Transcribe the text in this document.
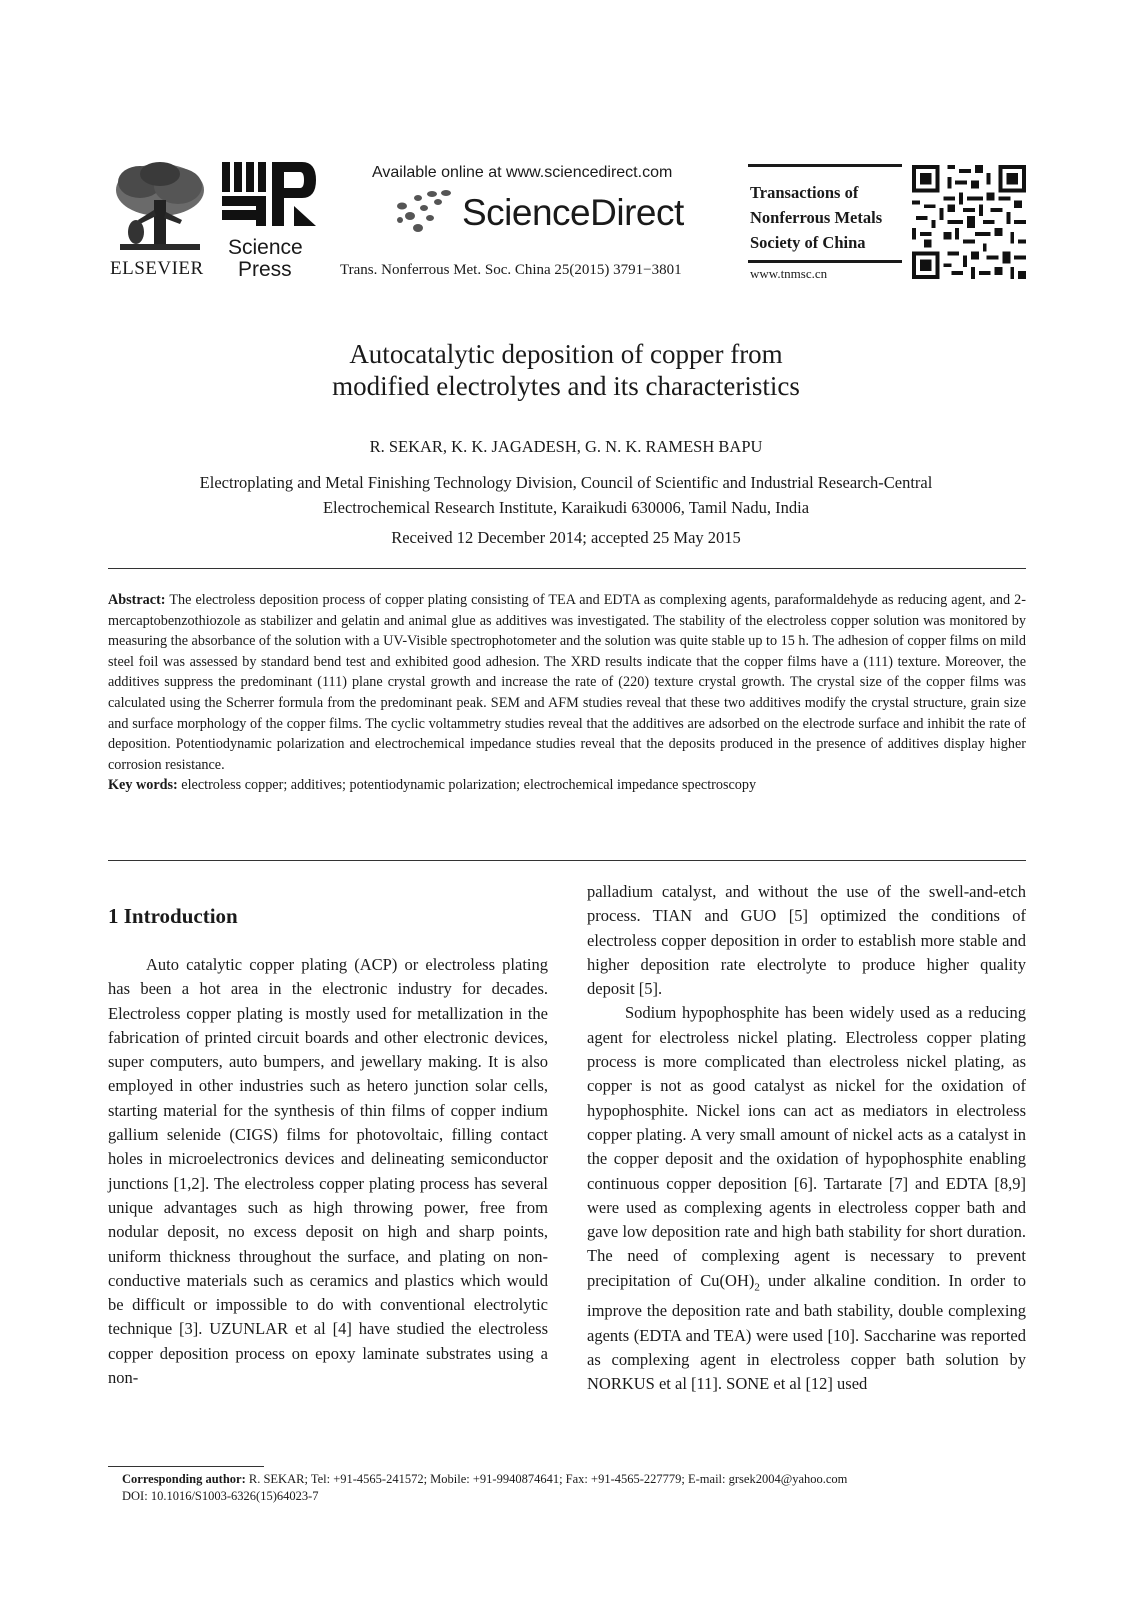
ELSEVIER
Science
Press
Available online at www.sciencedirect.com
ScienceDirect
Trans. Nonferrous Met. Soc. China 25(2015) 3791−3801
Transactions of
Nonferrous Metals
Society of China
www.tnmsc.cn
Autocatalytic deposition of copper from
modified electrolytes and its characteristics
R. SEKAR, K. K. JAGADESH, G. N. K. RAMESH BAPU
Electroplating and Metal Finishing Technology Division, Council of Scientific and Industrial Research-Central
Electrochemical Research Institute, Karaikudi 630006, Tamil Nadu, India
Received 12 December 2014; accepted 25 May 2015

Abstract: The electroless deposition process of copper plating consisting of TEA and EDTA as complexing agents, paraformaldehyde as reducing agent, and 2-mercaptobenzothiozole as stabilizer and gelatin and animal glue as additives was investigated. The stability of the electroless copper solution was monitored by measuring the absorbance of the solution with a UV-Visible spectrophotometer and the solution was quite stable up to 15 h. The adhesion of copper films on mild steel foil was assessed by standard bend test and exhibited good adhesion. The XRD results indicate that the copper films have a (111) texture. Moreover, the additives suppress the predominant (111) plane crystal growth and increase the rate of (220) texture crystal growth. The crystal size of the copper films was calculated using the Scherrer formula from the predominant peak. SEM and AFM studies reveal that these two additives modify the crystal structure, grain size and surface morphology of the copper films. The cyclic voltammetry studies reveal that the additives are adsorbed on the electrode surface and inhibit the rate of deposition. Potentiodynamic polarization and electrochemical impedance studies reveal that the deposits produced in the presence of additives display higher corrosion resistance.

Key words: electroless copper; additives; potentiodynamic polarization; electrochemical impedance spectroscopy

1 Introduction

Auto catalytic copper plating (ACP) or electroless plating has been a hot area in the electronic industry for decades. Electroless copper plating is mostly used for metallization in the fabrication of printed circuit boards and other electronic devices, super computers, auto bumpers, and jewellary making. It is also employed in other industries such as hetero junction solar cells, starting material for the synthesis of thin films of copper indium gallium selenide (CIGS) films for photovoltaic, filling contact holes in microelectronics devices and delineating semiconductor junctions [1,2]. The electroless copper plating process has several unique advantages such as high throwing power, free from nodular deposit, no excess deposit on high and sharp points, uniform thickness throughout the surface, and plating on non-conductive materials such as ceramics and plastics which would be difficult or impossible to do with conventional electrolytic technique [3]. UZUNLAR et al [4] have studied the electroless copper deposition process on epoxy laminate substrates using a non-

palladium catalyst, and without the use of the swell-and-etch process. TIAN and GUO [5] optimized the conditions of electroless copper deposition in order to establish more stable and higher deposition rate electrolyte to produce higher quality deposit [5].

Sodium hypophosphite has been widely used as a reducing agent for electroless nickel plating. Electroless copper plating process is more complicated than electroless nickel plating, as copper is not as good catalyst as nickel for the oxidation of hypophosphite. Nickel ions can act as mediators in electroless copper plating. A very small amount of nickel acts as a catalyst in the copper deposit and the oxidation of hypophosphite enabling continuous copper deposition [6]. Tartarate [7] and EDTA [8,9] were used as complexing agents in electroless copper bath and gave low deposition rate and high bath stability for short duration. The need of complexing agent is necessary to prevent precipitation of $Cu(OH)_2$ under alkaline condition. In order to improve the deposition rate and bath stability, double complexing agents (EDTA and TEA) were used [10]. Saccharine was reported as complexing agent in electroless copper bath solution by NORKUS et al [11]. SONE et al [12] used

Corresponding author: R. SEKAR; Tel: +91-4565-241572; Mobile: +91-9940874641; Fax: +91-4565-227779; E-mail: grsek2004@yahoo.com
DOI: 10.1016/S1003-6326(15)64023-7
